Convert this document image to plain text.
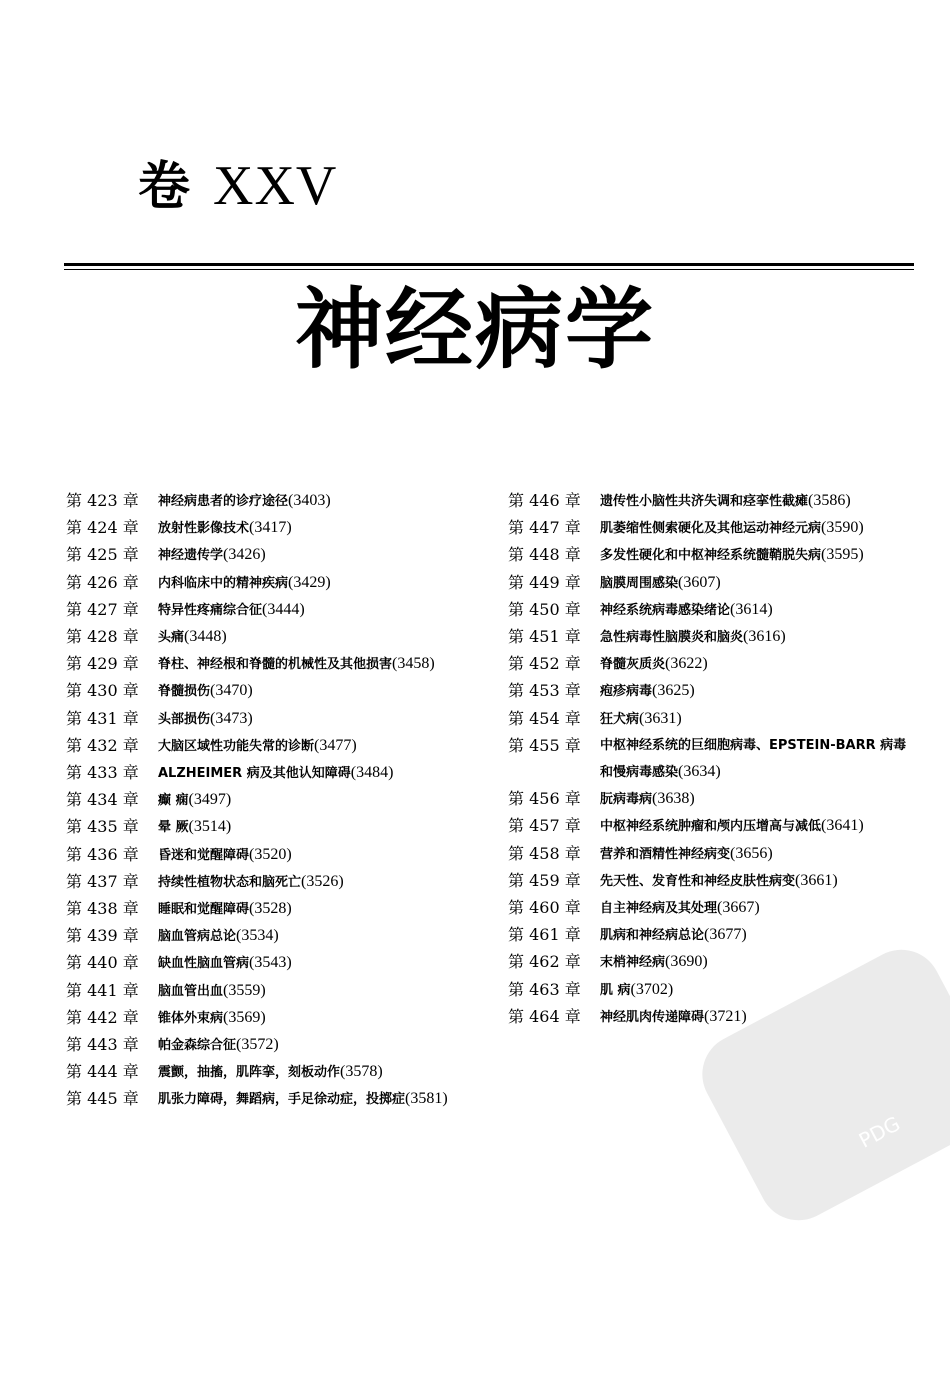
卷 XXV
神经病学
PDG
第 423 章	神经病患者的诊疗途径(3403)
第 424 章	放射性影像技术(3417)
第 425 章	神经遗传学(3426)
第 426 章	内科临床中的精神疾病(3429)
第 427 章	特异性疼痛综合征(3444)
第 428 章	头痛(3448)
第 429 章	脊柱、神经根和脊髓的机械性及其他损害(3458)
第 430 章	脊髓损伤(3470)
第 431 章	头部损伤(3473)
第 432 章	大脑区域性功能失常的诊断(3477)
第 433 章	ALZHEIMER 病及其他认知障碍(3484)
第 434 章	癫 痫(3497)
第 435 章	晕 厥(3514)
第 436 章	昏迷和觉醒障碍(3520)
第 437 章	持续性植物状态和脑死亡(3526)
第 438 章	睡眠和觉醒障碍(3528)
第 439 章	脑血管病总论(3534)
第 440 章	缺血性脑血管病(3543)
第 441 章	脑血管出血(3559)
第 442 章	锥体外束病(3569)
第 443 章	帕金森综合征(3572)
第 444 章	震颤，抽搐，肌阵挛，刻板动作(3578)
第 445 章	肌张力障碍，舞蹈病，手足徐动症，投掷症(3581)
第 446 章	遗传性小脑性共济失调和痉挛性截瘫(3586)
第 447 章	肌萎缩性侧索硬化及其他运动神经元病(3590)
第 448 章	多发性硬化和中枢神经系统髓鞘脱失病(3595)
第 449 章	脑膜周围感染(3607)
第 450 章	神经系统病毒感染绪论(3614)
第 451 章	急性病毒性脑膜炎和脑炎(3616)
第 452 章	脊髓灰质炎(3622)
第 453 章	疱疹病毒(3625)
第 454 章	狂犬病(3631)
第 455 章	中枢神经系统的巨细胞病毒、EPSTEIN-BARR 病毒和慢病毒感染(3634)
第 456 章	朊病毒病(3638)
第 457 章	中枢神经系统肿瘤和颅内压增高与减低(3641)
第 458 章	营养和酒精性神经病变(3656)
第 459 章	先天性、发育性和神经皮肤性病变(3661)
第 460 章	自主神经病及其处理(3667)
第 461 章	肌病和神经病总论(3677)
第 462 章	末梢神经病(3690)
第 463 章	肌 病(3702)
第 464 章	神经肌肉传递障碍(3721)
